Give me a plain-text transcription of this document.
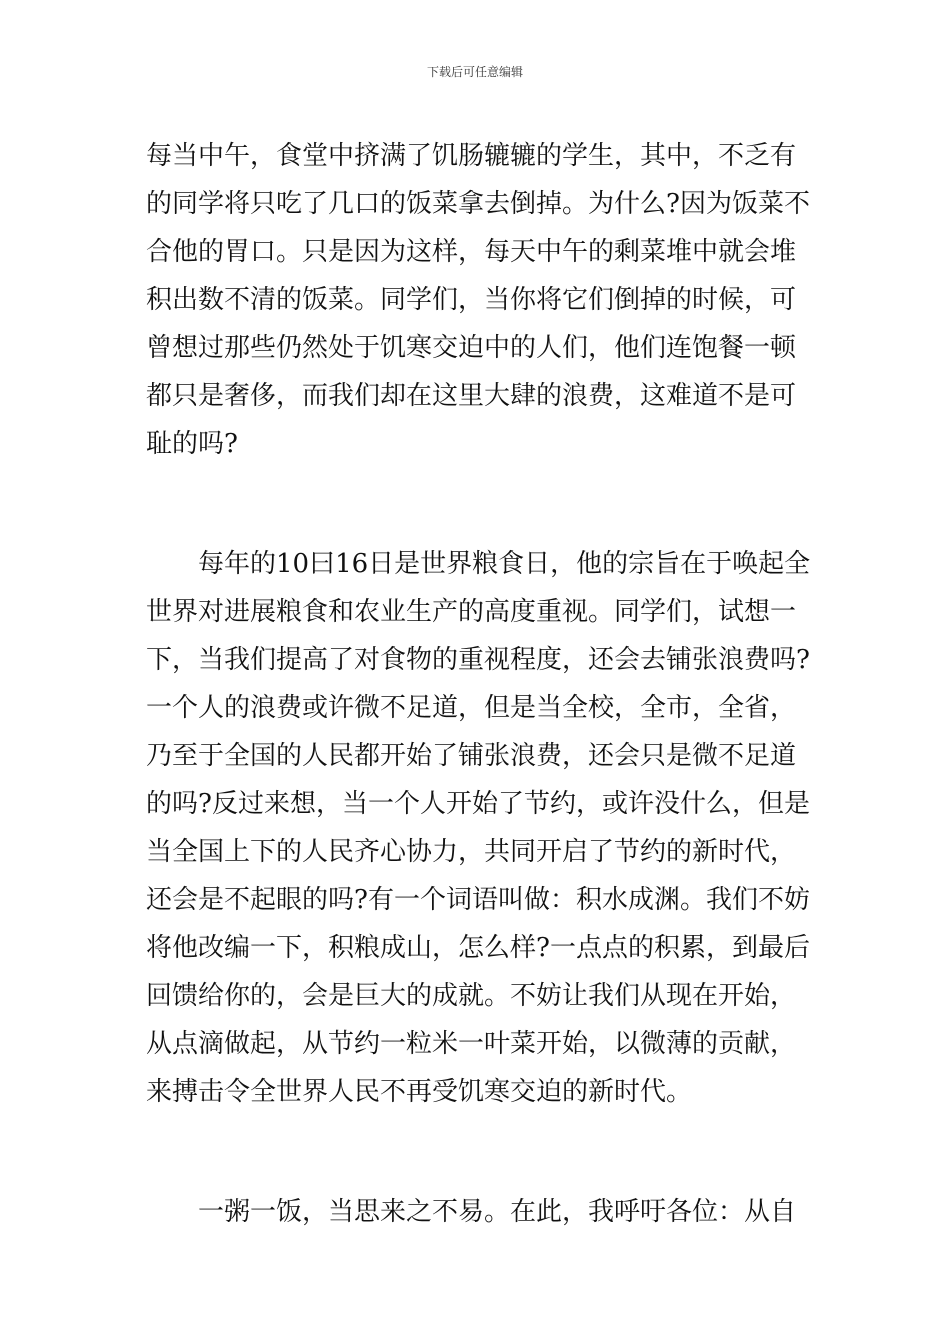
下载后可任意编辑
每当中午，食堂中挤满了饥肠辘辘的学生，其中，不乏有
的同学将只吃了几口的饭菜拿去倒掉。为什么?因为饭菜不
合他的胃口。只是因为这样，每天中午的剩菜堆中就会堆
积出数不清的饭菜。同学们，当你将它们倒掉的时候，可
曾想过那些仍然处于饥寒交迫中的人们，他们连饱餐一顿
都只是奢侈，而我们却在这里大肆的浪费，这难道不是可
耻的吗?
　　每年的10曰16日是世界粮食日，他的宗旨在于唤起全
世界对进展粮食和农业生产的高度重视。同学们，试想一
下，当我们提高了对食物的重视程度，还会去铺张浪费吗?
一个人的浪费或许微不足道，但是当全校，全市，全省，
乃至于全国的人民都开始了铺张浪费，还会只是微不足道
的吗?反过来想，当一个人开始了节约，或许没什么，但是
当全国上下的人民齐心协力，共同开启了节约的新时代，
还会是不起眼的吗?有一个词语叫做：积水成渊。我们不妨
将他改编一下，积粮成山，怎么样?一点点的积累，到最后
回馈给你的，会是巨大的成就。不妨让我们从现在开始，
从点滴做起，从节约一粒米一叶菜开始，以微薄的贡献，
来搏击令全世界人民不再受饥寒交迫的新时代。
　　一粥一饭，当思来之不易。在此，我呼吁各位：从自
